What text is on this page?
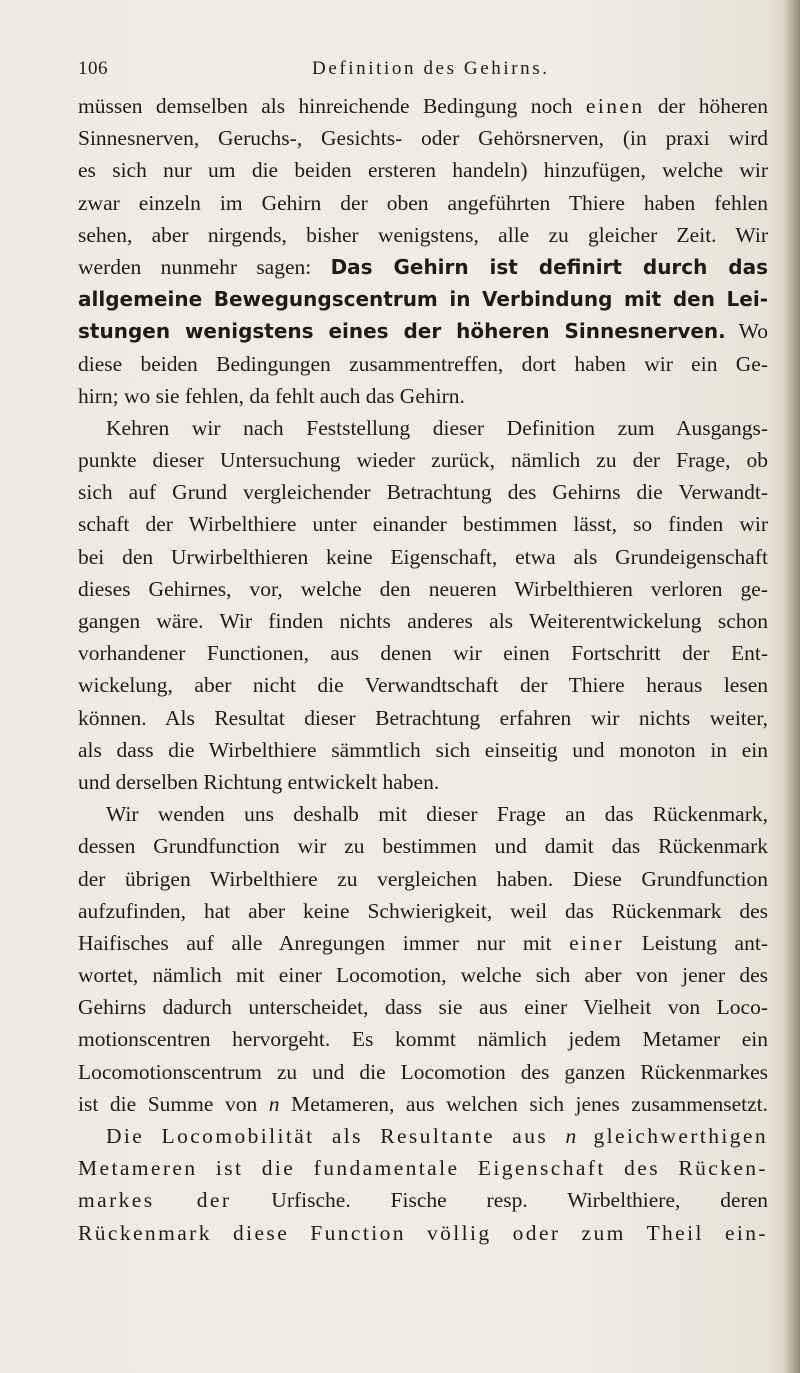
106	Definition des Gehirns.
müssen demselben als hinreichende Bedingung noch einen der höheren
Sinnesnerven, Geruchs-, Gesichts- oder Gehörsnerven, (in praxi wird
es sich nur um die beiden ersteren handeln) hinzufügen, welche wir
zwar einzeln im Gehirn der oben angeführten Thiere haben fehlen
sehen, aber nirgends, bisher wenigstens, alle zu gleicher Zeit. Wir
werden nunmehr sagen: Das Gehirn ist definirt durch das
allgemeine Bewegungscentrum in Verbindung mit den Lei-
stungen wenigstens eines der höheren Sinnesnerven. Wo
diese beiden Bedingungen zusammentreffen, dort haben wir ein Ge-
hirn; wo sie fehlen, da fehlt auch das Gehirn.
Kehren wir nach Feststellung dieser Definition zum Ausgangs-
punkte dieser Untersuchung wieder zurück, nämlich zu der Frage, ob
sich auf Grund vergleichender Betrachtung des Gehirns die Verwandt-
schaft der Wirbelthiere unter einander bestimmen lässt, so finden wir
bei den Urwirbelthieren keine Eigenschaft, etwa als Grundeigenschaft
dieses Gehirnes, vor, welche den neueren Wirbelthieren verloren ge-
gangen wäre. Wir finden nichts anderes als Weiterentwickelung schon
vorhandener Functionen, aus denen wir einen Fortschritt der Ent-
wickelung, aber nicht die Verwandtschaft der Thiere heraus lesen
können. Als Resultat dieser Betrachtung erfahren wir nichts weiter,
als dass die Wirbelthiere sämmtlich sich einseitig und monoton in ein
und derselben Richtung entwickelt haben.
Wir wenden uns deshalb mit dieser Frage an das Rückenmark,
dessen Grundfunction wir zu bestimmen und damit das Rückenmark
der übrigen Wirbelthiere zu vergleichen haben. Diese Grundfunction
aufzufinden, hat aber keine Schwierigkeit, weil das Rückenmark des
Haifisches auf alle Anregungen immer nur mit einer Leistung ant-
wortet, nämlich mit einer Locomotion, welche sich aber von jener des
Gehirns dadurch unterscheidet, dass sie aus einer Vielheit von Loco-
motionscentren hervorgeht. Es kommt nämlich jedem Metamer ein
Locomotionscentrum zu und die Locomotion des ganzen Rückenmarkes
ist die Summe von n Metameren, aus welchen sich jenes zusammensetzt.
Die Locomobilität als Resultante aus n gleichwerthigen
Metameren ist die fundamentale Eigenschaft des Rücken-
markes der Urfische. Fische resp. Wirbelthiere, deren
Rückenmark diese Function völlig oder zum Theil ein-
